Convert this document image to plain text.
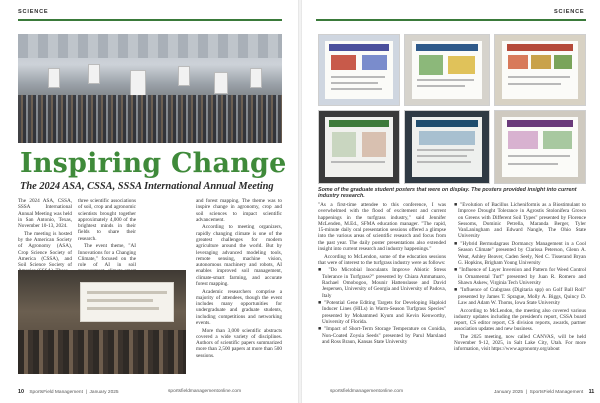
SCIENCE
Inspiring Change
The 2024 ASA, CSSA, SSSA International Annual Meeting

The 2024 ASA, CSSA, SSSA International Annual Meeting was held in San Antonio, Texas, November 10-13, 2024.

The meeting is hosted by the American Society of Agronomy (ASA), Crop Science Society of America (CSSA), and Soil Science Society of

three scientific associations of soil, crop and agronomic scientists brought together approximately 4,000 of the brightest minds in their fields to share their research.

The event theme, "AI Innovations for a Changing Climate," focused on the role of AI in soil

and forest mapping. The theme was to inspire change in agronomy, crop and soil sciences to impact scientific advancement.

According to meeting organizers, rapidly changing climate is one of the greatest challenges for modern agriculture around the world. But by leveraging advanced modeling tools, remote sensing, machine vision, autonomous machinery and robots, AI enables improved soil management, climate-smart farming, and accurate forest mapping.

Academic researchers comprise a majority of attendees, though the event includes many opportunities for undergraduate and graduate students, including competitions and networking events.

More than 3,000 scientific abstracts covered a wide variety of disciplines. Authors of scientific papers summarized more than 2,500 papers at more than 500 sessions.

10 SportsField Management  |  January 2025	sportsfieldmanagementonline.com
SCIENCE
Some of the graduate student posters that were on display. The posters provided insight into current industry research.

"As a first-time attendee to this conference, I was overwhelmed with the flood of excitement and current happenings in the turfgrass industry," said Jennifer McLenden, M.Ed., SFMA education manager. "The rapid, 15-minute daily oral presentation sessions offered a glimpse into the various areas of scientific research and focus from the past year. The daily poster presentations also extended insight into current research and industry happenings."

According to McLendon, some of the education sessions that were of interest to the turfgrass industry were as follows:

■ "Do Microbial Inoculants Improve Abiotic Stress Tolerance in Turfgrass?" presented by Chiara Ammatuaro, Rachael Omobogoo, Mounir Hattenslasse and David Jespersen, University of Georgia and University of Padova, Italy

■ "Potential Gene Editing Targets for Developing Haploid Inducer Lines (HILs) in Warm-Season Turfgrass Species" presented by Mohammed Kyum and Kevin Kenworthy, University of Florida.

■ "Impact of Short-Term Storage Temperature on Conidia, Non-Coated Zoysia Seeds" presented by Parul Marsland and Ross Braun, Kansas State University

■ "Evolution of Bacillus Licheniformis as a Biostimulant to Improve Drought Tolerance in Agrostis Stolonifera Grown on Greens with Different Soil Types" presented by Florence Sessoms, Dominic Petrella, Maranda Berger, Tyler VanLaningham and Edward Nangle, The Ohio State University

■ "Hybrid Bermudagrass Dormancy Management in a Cool Season Climate" presented by Clarissa Peterson, Glenn A. Weat, Ashley Beaver, Caden Seely, Ned C. Tisserand Bryan G. Hopkins, Brigham Young University

■ "Influence of Layer Inversion and Pattern for Weed Control in Ornamental Turf" presented by Juan R. Romero and Shawn Askew, Virginia Tech University

■ "Influence of Crabgrass (Digitaria spp) on Golf Ball Roll" presented by James T. Sprague, Molly A. Biggs, Quincy D. Law and Adam W. Thoms, Iowa State University

According to McLendon, the meeting also covered various industry updates including the president's report, CSSA board report, CS editor report, CS division reports, awards, partner association updates and new business.

The 2025 meeting, now called CANVAS, will be held November 9-12, 2025, in Salt Lake City, Utah. For more information, visit https://www.agronomy.org/about

sportsfieldmanagementonline.com	January 2025  |  SportsField Management 11
